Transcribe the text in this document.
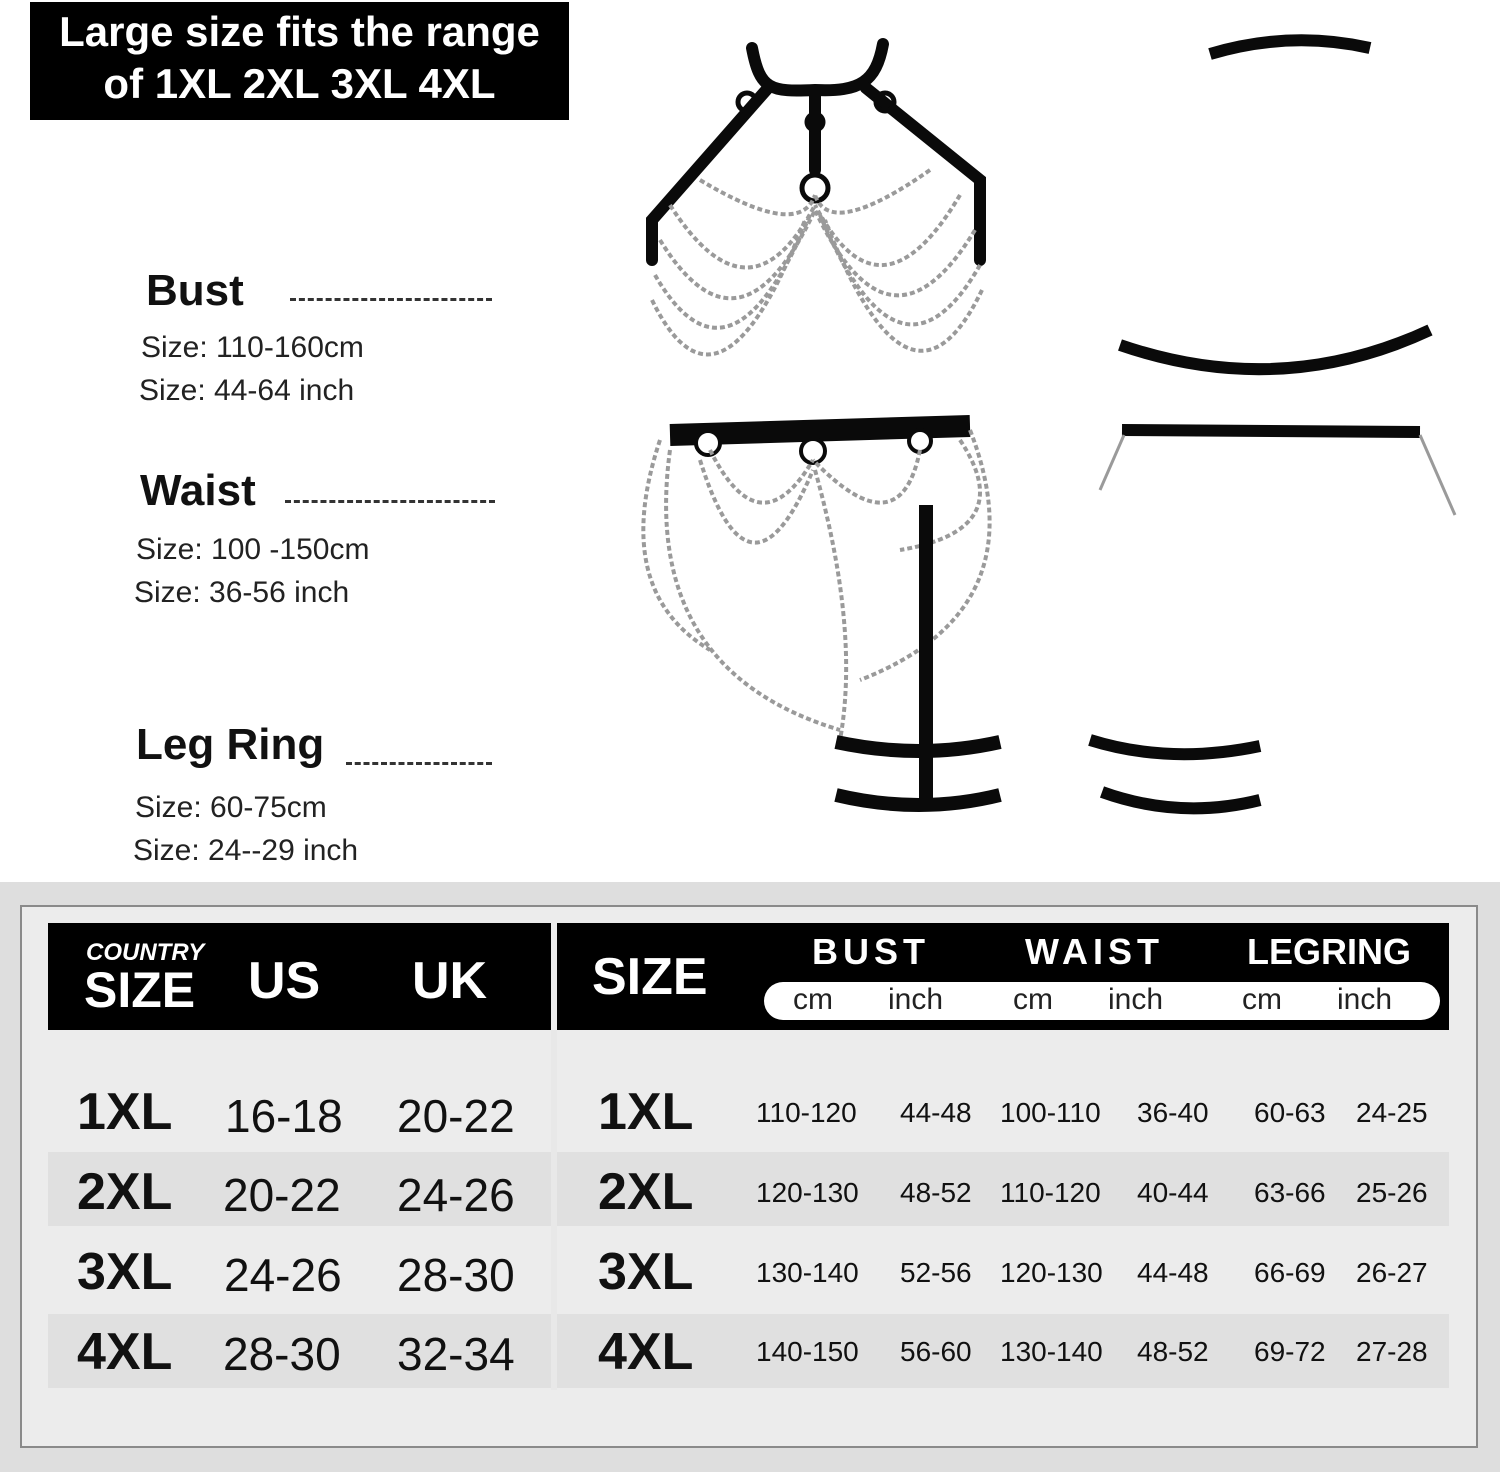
Large size fits the range
of 1XL 2XL 3XL 4XL
Bust
Size: 110-160cm
Size: 44-64 inch
Waist
Size: 100 -150cm
Size: 36-56 inch
Leg Ring
Size: 60-75cm
Size: 24--29 inch
COUNTRY
SIZE US UK SIZE	BUST	WAIST LEGRING
cm inch cm inch	cm inch
1XL 16-18 20-22 1XL 110-120 44-48 100-110 36-40 60-63 24-25
2XL 20-22 24-26 2XL 120-130 48-52 110-120 40-44 63-66 25-26
3XL 24-26 28-30 3XL 130-140 52-56 120-130 44-48 66-69 26-27
4XL 28-30 32-34 4XL 140-150 56-60 130-140 48-52 69-72 27-28
